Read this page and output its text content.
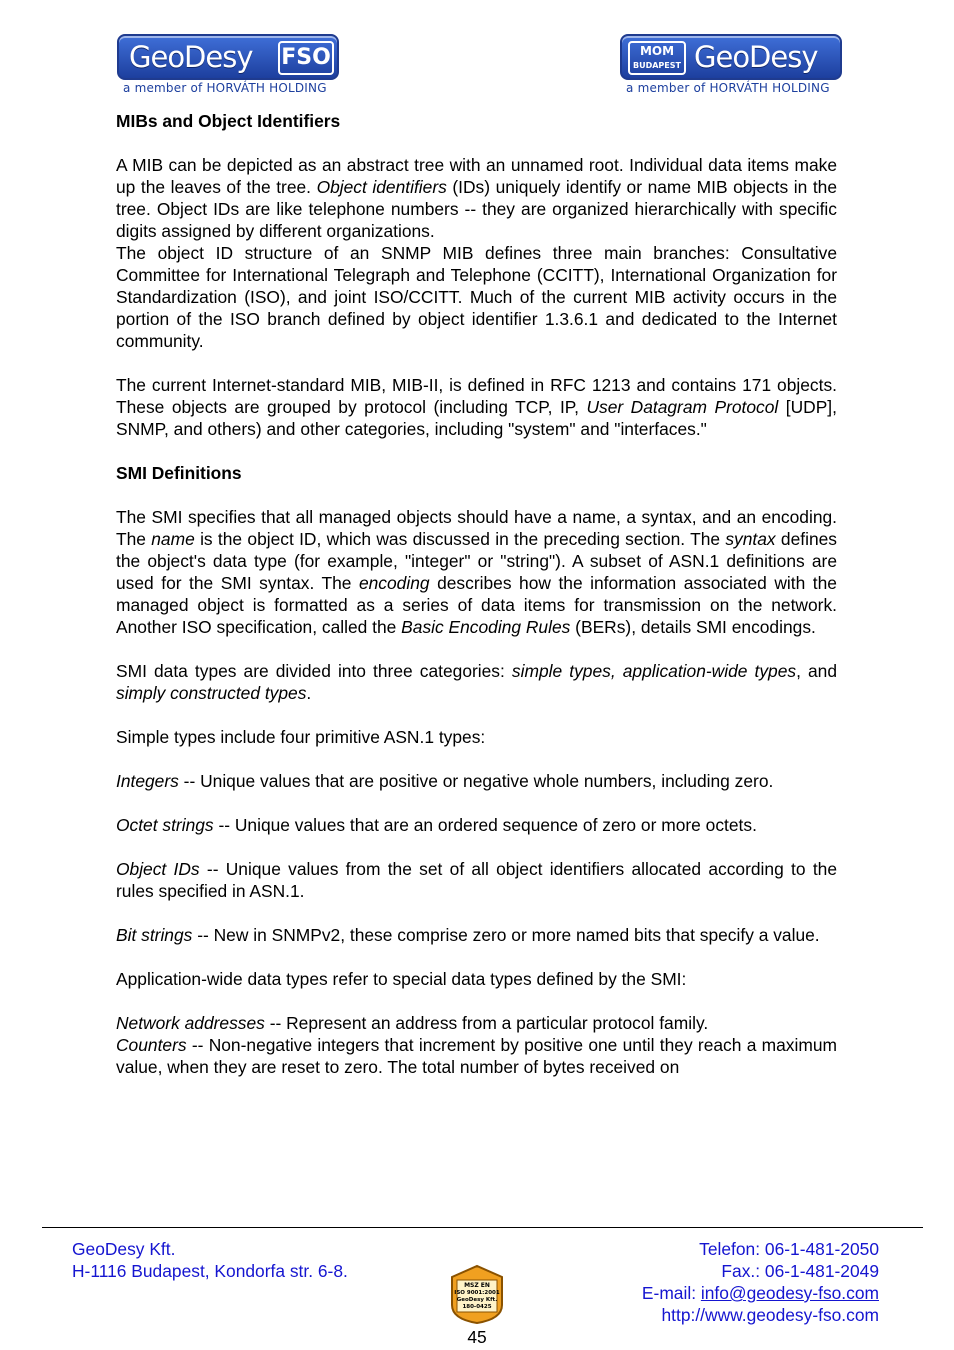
GeoDesy FSO
a member of HORVÁTH HOLDING
MOM
BUDAPEST GeoDesy
a member of HORVÁTH HOLDING
MIBs and Object Identifiers

A MIB can be depicted as an abstract tree with an unnamed root. Individual data items make up the leaves of the tree. Object identifiers (IDs) uniquely identify or name MIB objects in the tree. Object IDs are like telephone numbers -- they are organized hierarchically with specific digits assigned by different organizations.

The object ID structure of an SNMP MIB defines three main branches: Consultative Committee for International Telegraph and Telephone (CCITT), International Organization for Standardization (ISO), and joint ISO/CCITT. Much of the current MIB activity occurs in the portion of the ISO branch defined by object identifier 1.3.6.1 and dedicated to the Internet community.

The current Internet-standard MIB, MIB-II, is defined in RFC 1213 and contains 171 objects. These objects are grouped by protocol (including TCP, IP, User Datagram Protocol [UDP], SNMP, and others) and other categories, including "system" and "interfaces."

SMI Definitions

The SMI specifies that all managed objects should have a name, a syntax, and an encoding. The name is the object ID, which was discussed in the preceding section. The syntax defines the object's data type (for example, "integer" or "string"). A subset of ASN.1 definitions are used for the SMI syntax. The encoding describes how the information associated with the managed object is formatted as a series of data items for transmission on the network. Another ISO specification, called the Basic Encoding Rules (BERs), details SMI encodings.

SMI data types are divided into three categories: simple types, application-wide types, and simply constructed types.

Simple types include four primitive ASN.1 types:

Integers -- Unique values that are positive or negative whole numbers, including zero.

Octet strings -- Unique values that are an ordered sequence of zero or more octets.

Object IDs -- Unique values from the set of all object identifiers allocated according to the rules specified in ASN.1.

Bit strings -- New in SNMPv2, these comprise zero or more named bits that specify a value.

Application-wide data types refer to special data types defined by the SMI:

Network addresses -- Represent an address from a particular protocol family.

Counters -- Non-negative integers that increment by positive one until they reach a maximum value, when they are reset to zero. The total number of bytes received on

GeoDesy Kft.
H-1116 Budapest, Kondorfa str. 6-8.
Telefon: 06-1-481-2050
Fax.: 06-1-481-2049
E-mail: info@geodesy-fso.com
http://www.geodesy-fso.com
MSZ EN
ISO 9001:2001
GeoDesy Kft.
180-0425
45
